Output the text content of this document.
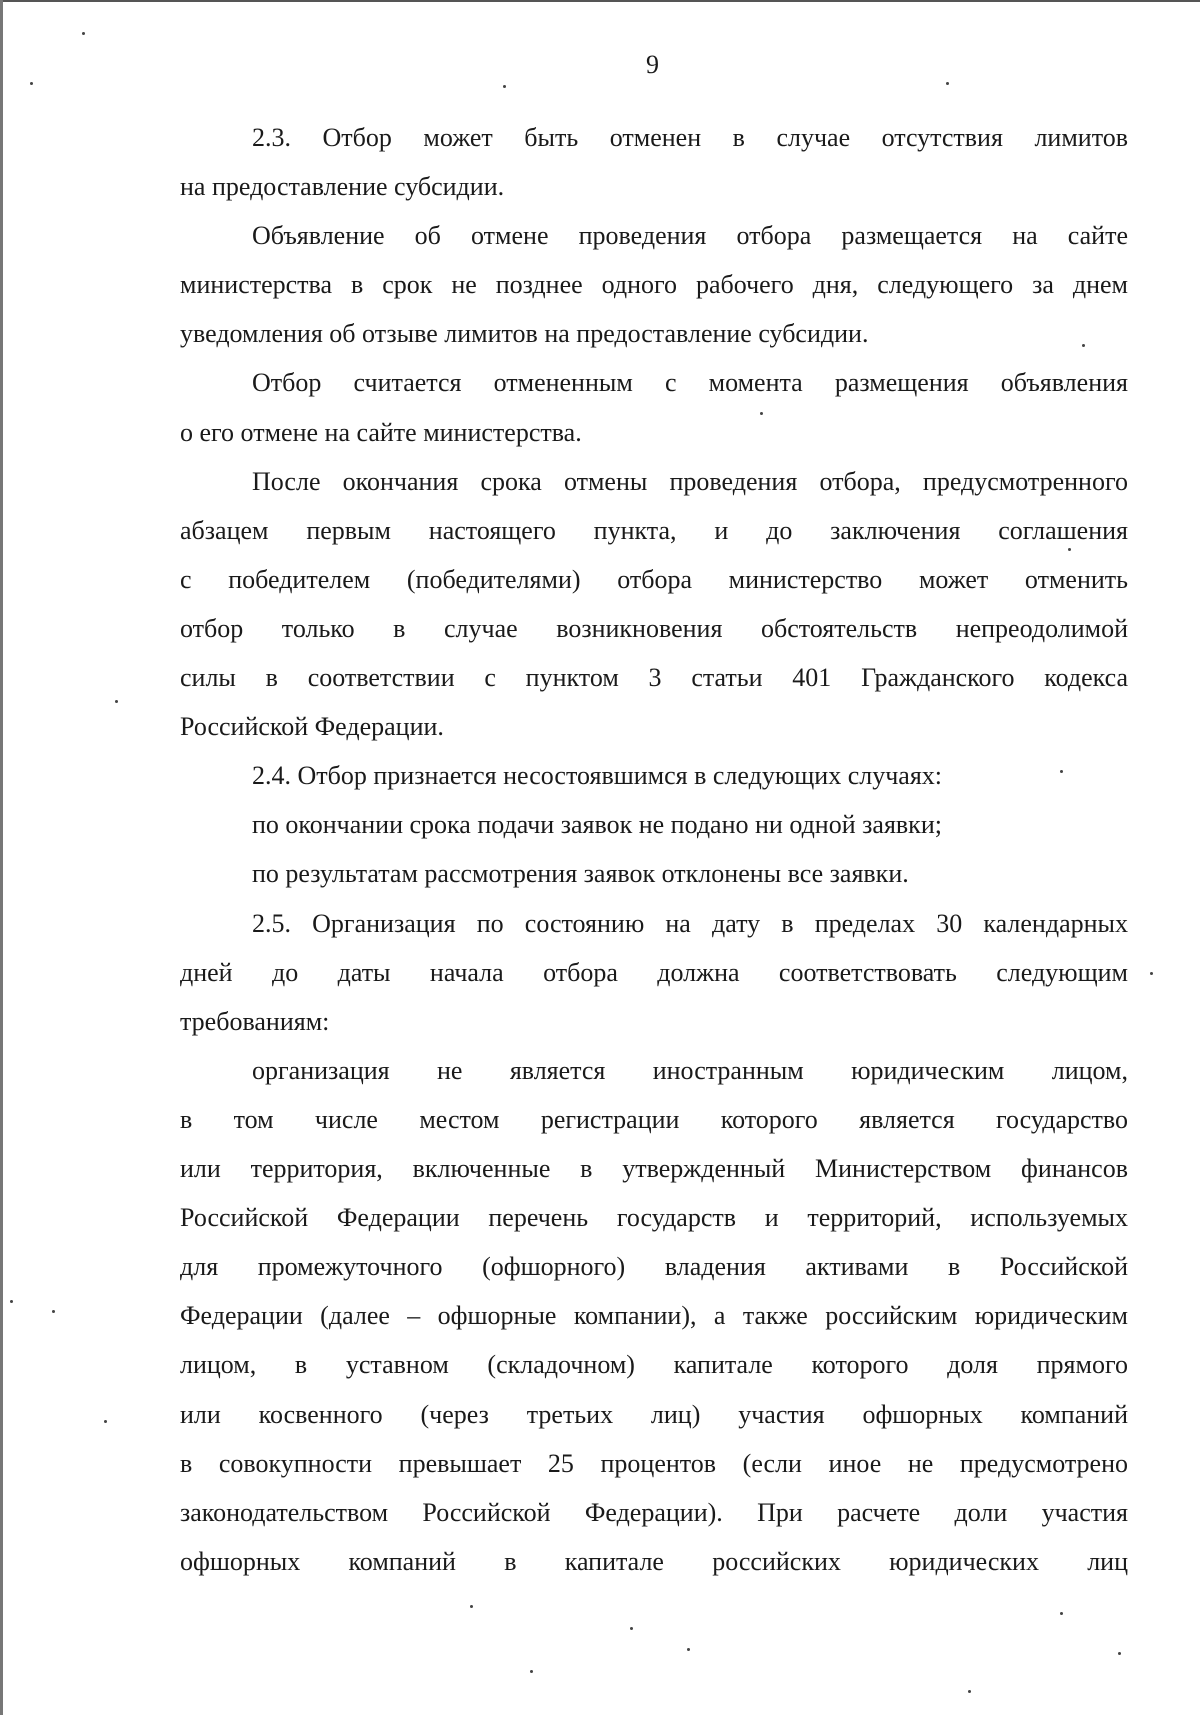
9
2.3. Отбор может быть отменен в случае отсутствия лимитов
на предоставление субсидии.
Объявление об отмене проведения отбора размещается на сайте
министерства в срок не позднее одного рабочего дня, следующего за днем
уведомления об отзыве лимитов на предоставление субсидии.
Отбор считается отмененным с момента размещения объявления
о его отмене на сайте министерства.
После окончания срока отмены проведения отбора, предусмотренного
абзацем первым настоящего пункта, и до заключения соглашения
с победителем (победителями) отбора министерство может отменить
отбор только в случае возникновения обстоятельств непреодолимой
силы в соответствии с пунктом 3 статьи 401 Гражданского кодекса
Российской Федерации.
2.4. Отбор признается несостоявшимся в следующих случаях:
по окончании срока подачи заявок не подано ни одной заявки;
по результатам рассмотрения заявок отклонены все заявки.
2.5. Организация по состоянию на дату в пределах 30 календарных
дней до даты начала отбора должна соответствовать следующим
требованиям:
организация не является иностранным юридическим лицом,
в том числе местом регистрации которого является государство
или территория, включенные в утвержденный Министерством финансов
Российской Федерации перечень государств и территорий, используемых
для промежуточного (офшорного) владения активами в Российской
Федерации (далее – офшорные компании), а также российским юридическим
лицом, в уставном (складочном) капитале которого доля прямого
или косвенного (через третьих лиц) участия офшорных компаний
в совокупности превышает 25 процентов (если иное не предусмотрено
законодательством Российской Федерации). При расчете доли участия
офшорных компаний в капитале российских юридических лиц
